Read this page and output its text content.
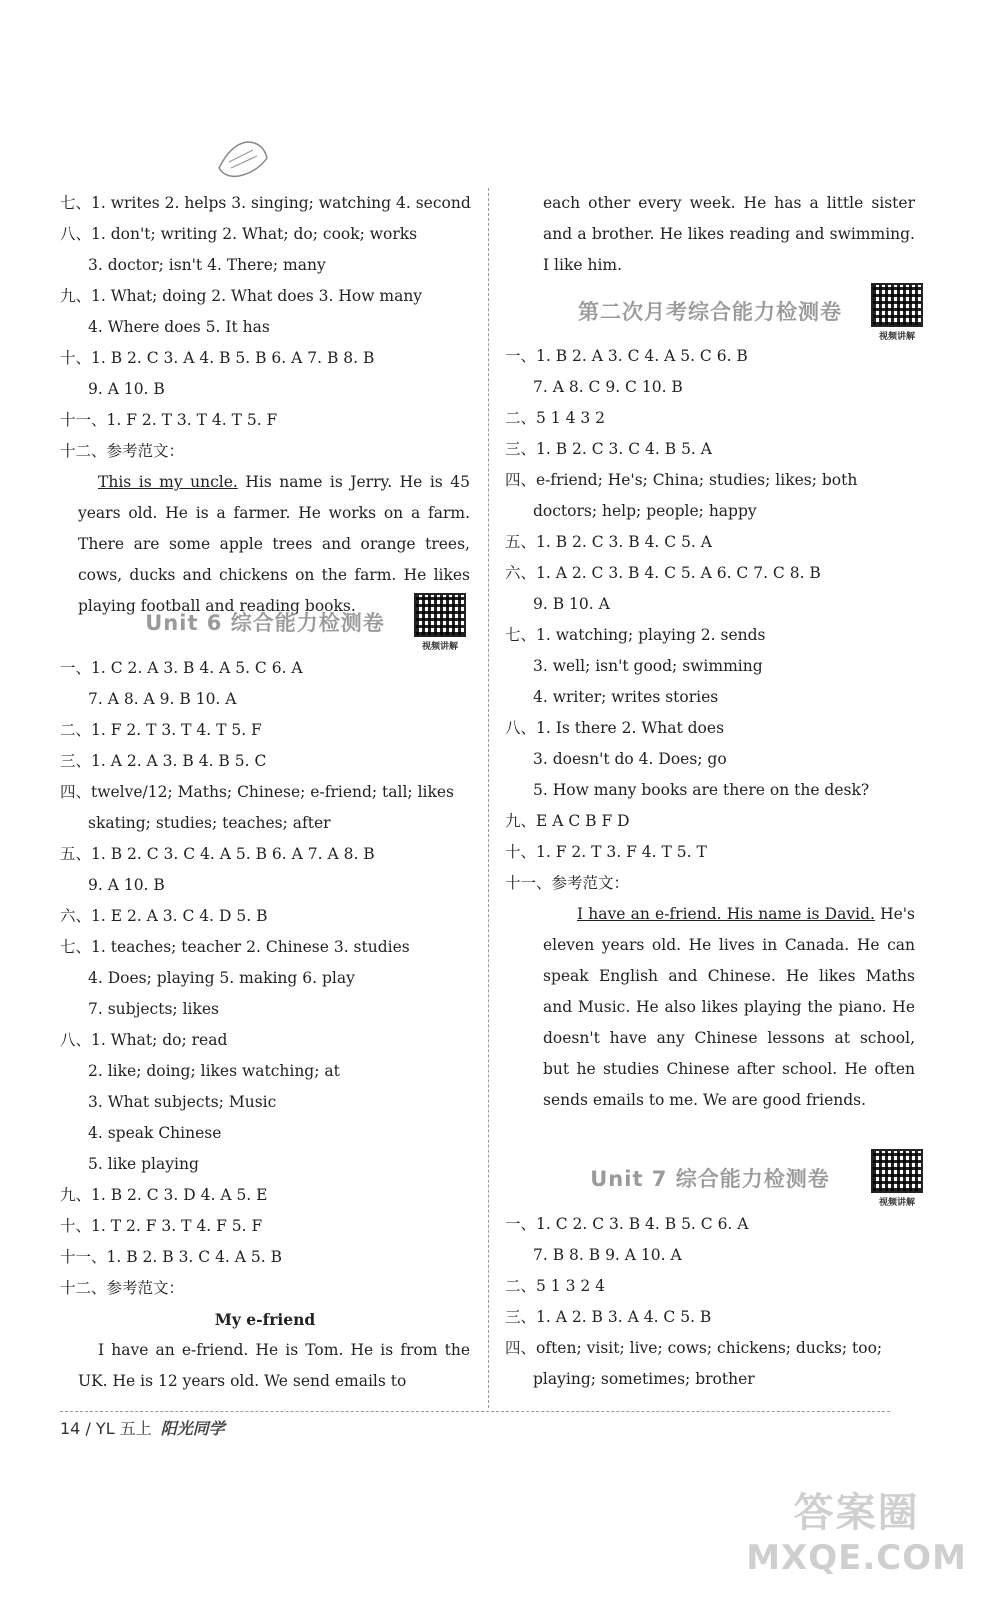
七、1. writes 2. helps 3. singing; watching 4. second
八、1. don't; writing 2. What; do; cook; works
3. doctor; isn't 4. There; many
九、1. What; doing 2. What does 3. How many
4. Where does 5. It has
十、1. B 2. C 3. A 4. B 5. B 6. A 7. B 8. B
9. A 10. B
十一、1. F 2. T 3. T 4. T 5. F
十二、参考范文：
This is my uncle. His name is Jerry. He is 45 years old. He is a farmer. He works on a farm. There are some apple trees and orange trees, cows, ducks and chickens on the farm. He likes playing football and reading books.
Unit 6 综合能力检测卷
视频讲解
一、1. C 2. A 3. B 4. A 5. C 6. A
7. A 8. A 9. B 10. A
二、1. F 2. T 3. T 4. T 5. F
三、1. A 2. A 3. B 4. B 5. C
四、twelve/12; Maths; Chinese; e-friend; tall; likes
skating; studies; teaches; after
五、1. B 2. C 3. C 4. A 5. B 6. A 7. A 8. B
9. A 10. B
六、1. E 2. A 3. C 4. D 5. B
七、1. teaches; teacher 2. Chinese 3. studies
4. Does; playing 5. making 6. play
7. subjects; likes
八、1. What; do; read
2. like; doing; likes watching; at
3. What subjects; Music
4. speak Chinese
5. like playing
九、1. B 2. C 3. D 4. A 5. E
十、1. T 2. F 3. T 4. F 5. F
十一、1. B 2. B 3. C 4. A 5. B
十二、参考范文：
My e-friend
I have an e-friend. He is Tom. He is from the UK. He is 12 years old. We send emails to
each other every week. He has a little sister and a brother. He likes reading and swimming. I like him.
第二次月考综合能力检测卷
视频讲解
一、1. B 2. A 3. C 4. A 5. C 6. B
7. A 8. C 9. C 10. B
二、5 1 4 3 2
三、1. B 2. C 3. C 4. B 5. A
四、e-friend; He's; China; studies; likes; both
doctors; help; people; happy
五、1. B 2. C 3. B 4. C 5. A
六、1. A 2. C 3. B 4. C 5. A 6. C 7. C 8. B
9. B 10. A
七、1. watching; playing 2. sends
3. well; isn't good; swimming
4. writer; writes stories
八、1. Is there 2. What does
3. doesn't do 4. Does; go
5. How many books are there on the desk?
九、E A C B F D
十、1. F 2. T 3. F 4. T 5. T
十一、参考范文：
I have an e-friend. His name is David. He's eleven years old. He lives in Canada. He can speak English and Chinese. He likes Maths and Music. He also likes playing the piano. He doesn't have any Chinese lessons at school, but he studies Chinese after school. He often sends emails to me. We are good friends.
Unit 7 综合能力检测卷
视频讲解
一、1. C 2. C 3. B 4. B 5. C 6. A
7. B 8. B 9. A 10. A
二、5 1 3 2 4
三、1. A 2. B 3. A 4. C 5. B
四、often; visit; live; cows; chickens; ducks; too;
playing; sometimes; brother
14 / YL 五上 阳光同学
答案圈
MXQE.COM
